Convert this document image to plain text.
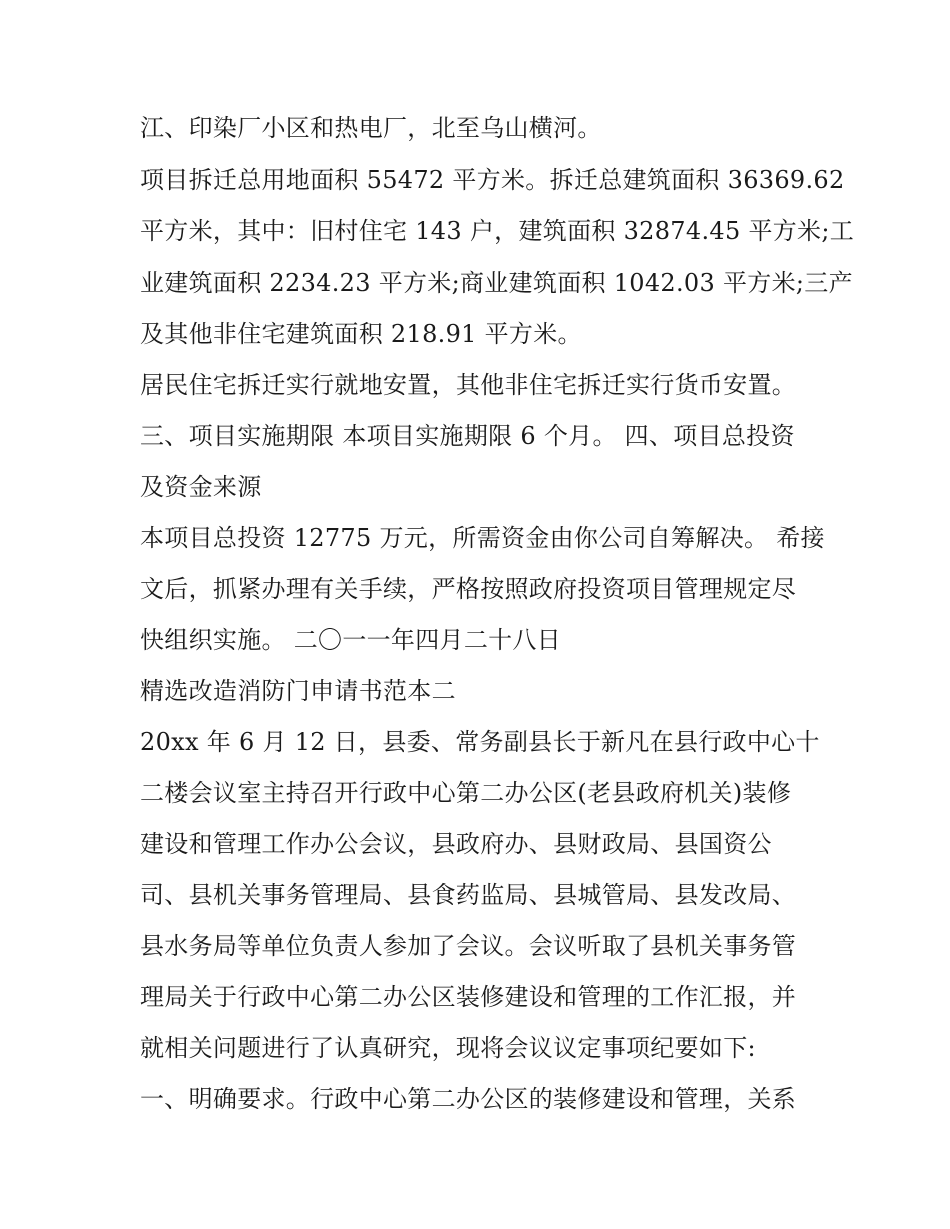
江、印染厂小区和热电厂，北至乌山横河。
项目拆迁总用地面积 55472 平方米。拆迁总建筑面积 36369.62
平方米，其中：旧村住宅 143 户，建筑面积 32874.45 平方米;工
业建筑面积 2234.23 平方米;商业建筑面积 1042.03 平方米;三产
及其他非住宅建筑面积 218.91 平方米。
居民住宅拆迁实行就地安置，其他非住宅拆迁实行货币安置。
三、项目实施期限 本项目实施期限 6 个月。 四、项目总投资
及资金来源
本项目总投资 12775 万元，所需资金由你公司自筹解决。 希接
文后，抓紧办理有关手续，严格按照政府投资项目管理规定尽
快组织实施。 二〇一一年四月二十八日
精选改造消防门申请书范本二
20xx 年 6 月 12 日，县委、常务副县长于新凡在县行政中心十
二楼会议室主持召开行政中心第二办公区(老县政府机关)装修
建设和管理工作办公会议，县政府办、县财政局、县国资公
司、县机关事务管理局、县食药监局、县城管局、县发改局、
县水务局等单位负责人参加了会议。会议听取了县机关事务管
理局关于行政中心第二办公区装修建设和管理的工作汇报，并
就相关问题进行了认真研究，现将会议议定事项纪要如下:
一、明确要求。行政中心第二办公区的装修建设和管理，关系
